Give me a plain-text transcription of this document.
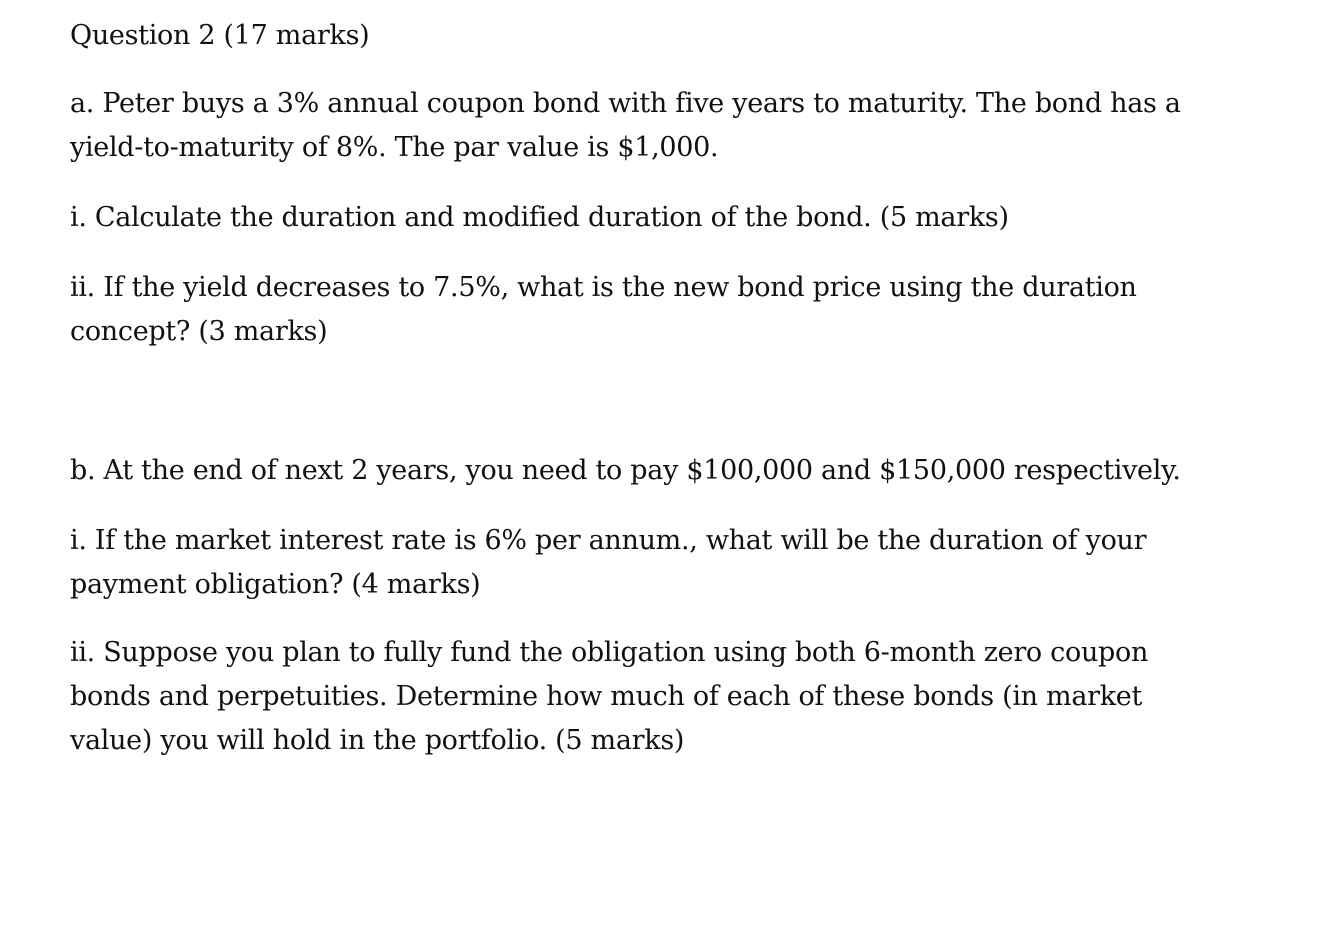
Question 2 (17 marks)
a. Peter buys a 3% annual coupon bond with five years to maturity. The bond has a yield-to-maturity of 8%. The par value is $1,000.
i. Calculate the duration and modified duration of the bond. (5 marks)
ii. If the yield decreases to 7.5%, what is the new bond price using the duration concept? (3 marks)
b. At the end of next 2 years, you need to pay $100,000 and $150,000 respectively.
i. If the market interest rate is 6% per annum., what will be the duration of your payment obligation? (4 marks)
ii. Suppose you plan to fully fund the obligation using both 6-month zero coupon bonds and perpetuities. Determine how much of each of these bonds (in market value) you will hold in the portfolio. (5 marks)
